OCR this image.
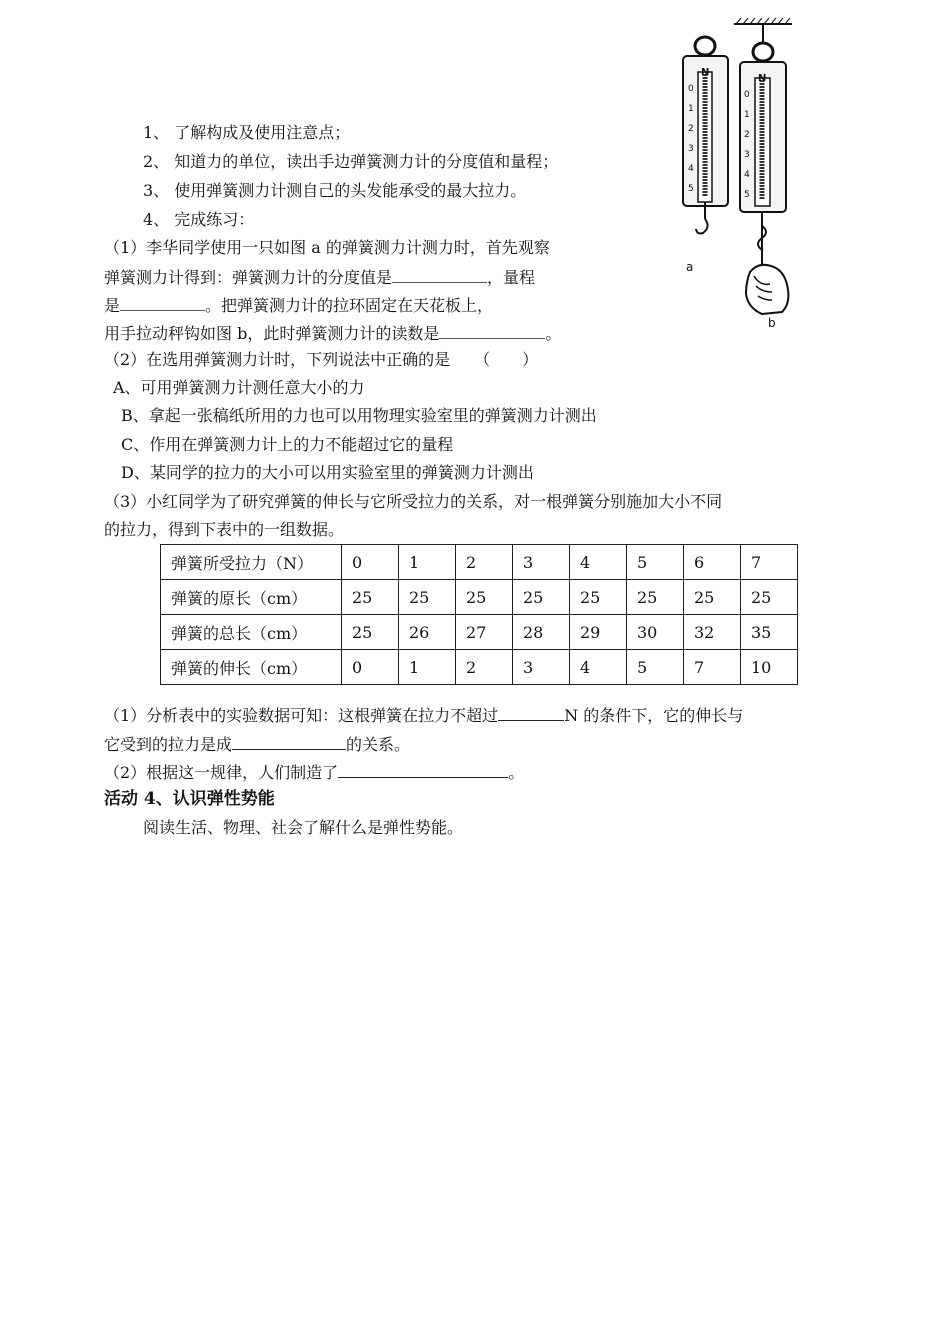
1、 了解构成及使用注意点；
2、 知道力的单位，读出手边弹簧测力计的分度值和量程；
3、 使用弹簧测力计测自己的头发能承受的最大拉力。
4、 完成练习：
（1）李华同学使用一只如图 a 的弹簧测力计测力时，首先观察
弹簧测力计得到：弹簧测力计的分度值是	，量程
是	。把弹簧测力计的拉环固定在天花板上，
用手拉动秤钩如图 b，此时弹簧测力计的读数是	。
（2）在选用弹簧测力计时，下列说法中正确的是　　（　　）
A、可用弹簧测力计测任意大小的力
B、拿起一张稿纸所用的力也可以用物理实验室里的弹簧测力计测出
C、作用在弹簧测力计上的力不能超过它的量程
D、某同学的拉力的大小可以用实验室里的弹簧测力计测出
（3）小红同学为了研究弹簧的伸长与它所受拉力的关系，对一根弹簧分别施加大小不同
的拉力，得到下表中的一组数据。
弹簧所受拉力（N）	0	1	2	3	4	5	6	7
弹簧的原长（cm）	25	25	25	25	25	25	25	25
弹簧的总长（cm）	25	26	27	28	29	30	32	35
弹簧的伸长（cm）	0	1	2	3	4	5	7	10
（1）分析表中的实验数据可知：这根弹簧在拉力不超过	N 的条件下，它的伸长与
它受到的拉力是成	的关系。
（2）根据这一规律，人们制造了	。
活动 4、认识弹性势能
阅读生活、物理、社会了解什么是弹性势能。
N
N
0
1
2
3
4
5
0
1
2
3
4
5
a
b
